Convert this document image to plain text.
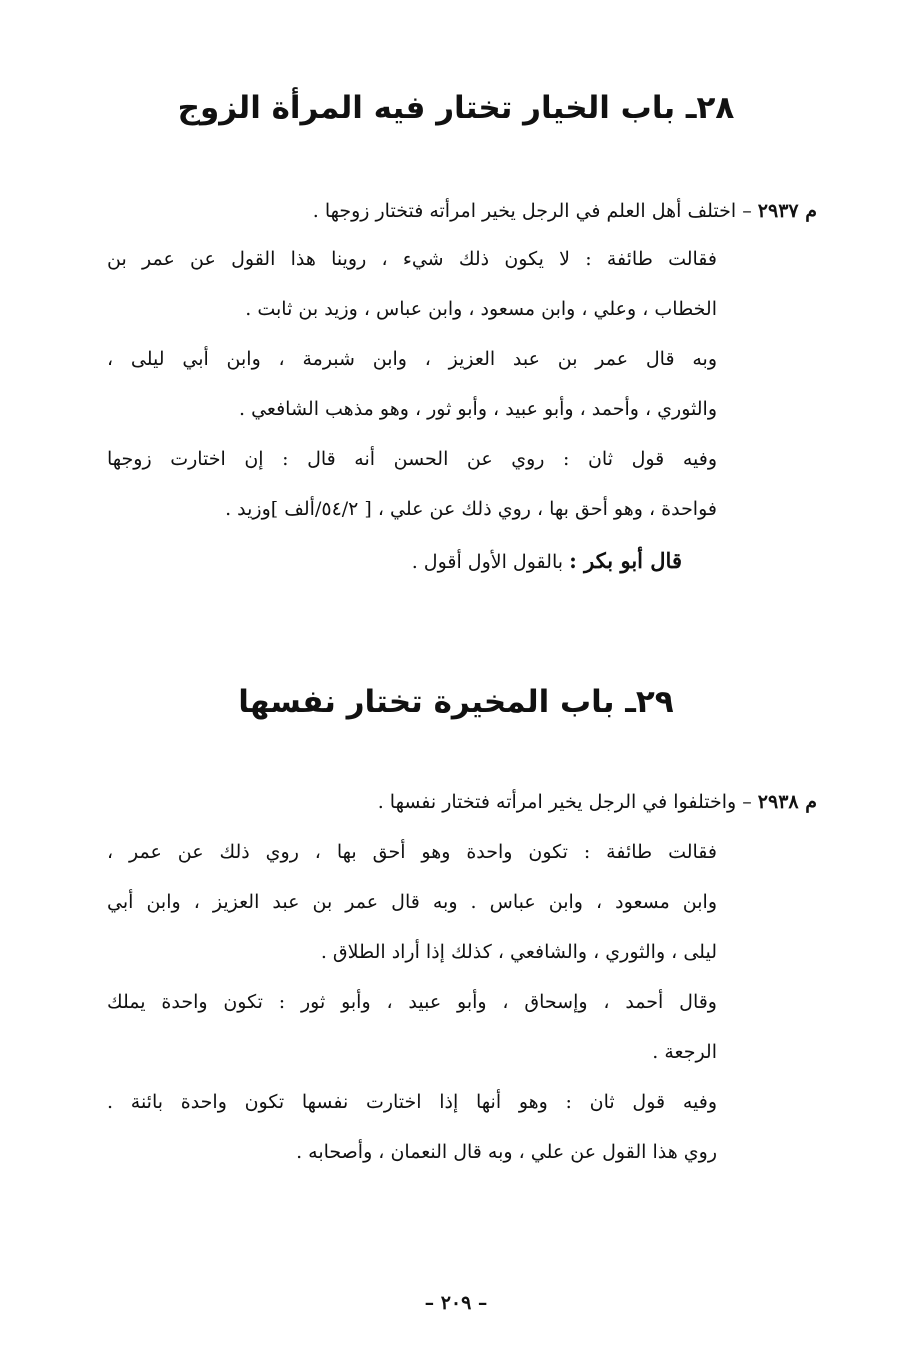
٢٨ـ باب الخيار تختار فيه المرأة الزوج

م ٢٩٣٧ – اختلف أهل العلم في الرجل يخير امرأته فتختار زوجها .

فقالت طائفة : لا يكون ذلك شيء ، روينا هذا القول عن عمر بن

الخطاب ، وعلي ، وابن مسعود ، وابن عباس ، وزيد بن ثابت .

وبه قال عمر بن عبد العزيز ، وابن شبرمة ، وابن أبي ليلى ،

والثوري ، وأحمد ، وأبو عبيد ، وأبو ثور ، وهو مذهب الشافعي .

وفيه قول ثان : روي عن الحسن أنه قال : إن اختارت زوجها

فواحدة ، وهو أحق بها ، روي ذلك عن علي ، [ ٥٤/٢/ألف ]وزيد .

قال أبو بكر : بالقول الأول أقول .

٢٩ـ باب المخيرة تختار نفسها

م ٢٩٣٨ – واختلفوا في الرجل يخير امرأته فتختار نفسها .

فقالت طائفة : تكون واحدة وهو أحق بها ، روي ذلك عن عمر ،

وابن مسعود ، وابن عباس . وبه قال عمر بن عبد العزيز ، وابن أبي

ليلى ، والثوري ، والشافعي ، كذلك إذا أراد الطلاق .

وقال أحمد ، وإسحاق ، وأبو عبيد ، وأبو ثور : تكون واحدة يملك

الرجعة .

وفيه قول ثان : وهو أنها إذا اختارت نفسها تكون واحدة بائنة .

روي هذا القول عن علي ، وبه قال النعمان ، وأصحابه .

– ٢٠٩ –
